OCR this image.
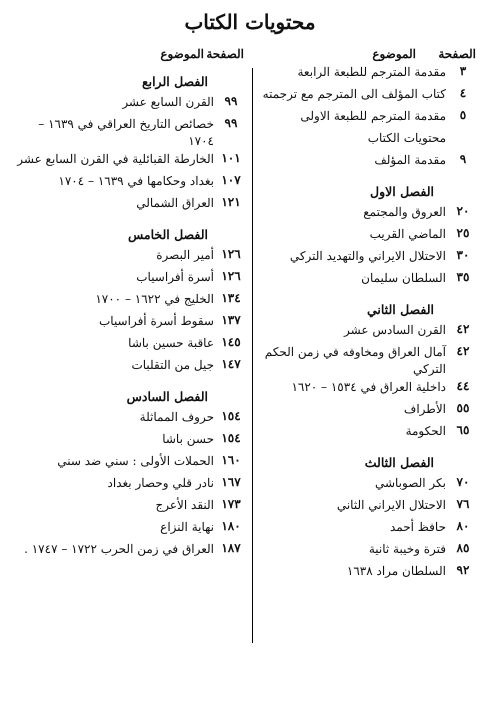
محتويات الكتاب
الصفحة
الموضوع
٣
مقدمة المترجم للطبعة الرابعة
٤
كتاب المؤلف الى المترجم مع ترجمته
٥
مقدمة المترجم للطبعة الاولى
محتويات الكتاب
٩
مقدمة المؤلف
الفصل الاول
٢٠
العروق والمجتمع
٢٥
الماضي القريب
٣٠
الاحتلال الايراني والتهديد التركي
٣٥
السلطان سليمان
الفصل الثاني
٤٢
القرن السادس عشر
٤٢
آمال العراق ومخاوفه في زمن الحكم التركي
٤٤
داخلية العراق في ١٥٣٤ – ١٦٢٠
٥٥
الأطراف
٦٥
الحكومة
الفصل الثالث
٧٠
بكر الصوباشي
٧٦
الاحتلال الايراني الثاني
٨٠
حافظ أحمد
٨٥
فترة وخيبة ثانية
٩٢
السلطان مراد ١٦٣٨
الصفحة
الموضوع
الفصل الرابع
٩٩
القرن السابع عشر
٩٩
خصائص التاريخ العراقي في ١٦٣٩ – ١٧٠٤
١٠١
الخارطة القبائلية في القرن السابع عشر
١٠٧
بغداد وحكامها في ١٦٣٩ – ١٧٠٤
١٢١
العراق الشمالي
الفصل الخامس
١٢٦
أمير البصرة
١٢٦
أسرة أفراسياب
١٣٤
الخليج في ١٦٢٢ – ١٧٠٠
١٣٧
سقوط أسرة أفراسياب
١٤٥
عاقبة حسين باشا
١٤٧
جيل من التقلبات
الفصل السادس
١٥٤
حروف المماثلة
١٥٤
حسن باشا
١٦٠
الحملات الأولى : سني ضد سني
١٦٧
نادر قلي وحصار بغداد
١٧٣
النقد الأعرج
١٨٠
نهاية النزاع
١٨٧
العراق في زمن الحرب ١٧٢٢ – ١٧٤٧ .
